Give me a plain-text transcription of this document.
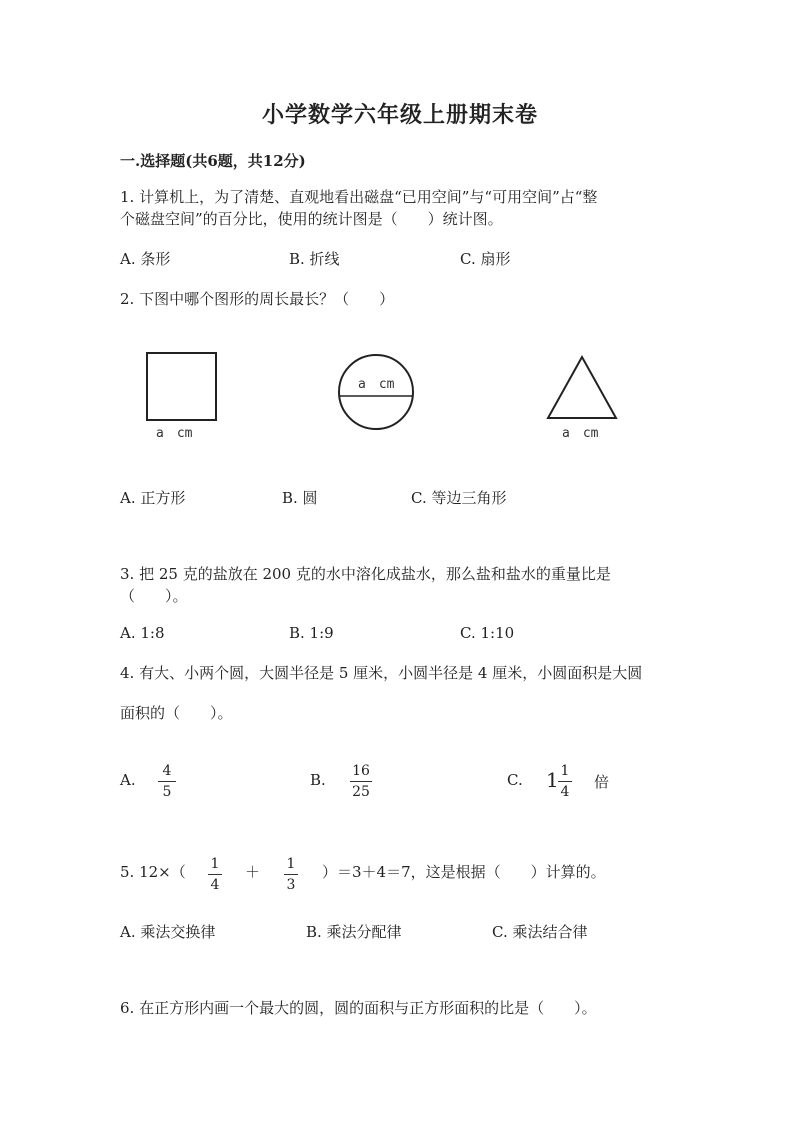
小学数学六年级上册期末卷
一.选择题(共6题，共12分)
1. 计算机上，为了清楚、直观地看出磁盘“已用空间”与“可用空间”占“整
个磁盘空间”的百分比，使用的统计图是（　　）统计图。
A. 条形	B. 折线	C. 扇形
2. 下图中哪个图形的周长最长？（　　）
a　cm
a　cm
a　cm
A. 正方形	B. 圆	C. 等边三角形
3. 把 25 克的盐放在 200 克的水中溶化成盐水，那么盐和盐水的重量比是
（　　）。
A. 1:8	B. 1:9	C. 1:10
4. 有大、小两个圆，大圆半径是 5 厘米，小圆半径是 4 厘米，小圆面积是大圆
面积的（　　）。
A.	4
5
B. 16
25
C. 1 1
4
倍
5. 12×（ 1
4
＋ 1
3
）＝3＋4＝7，这是根据（　　）计算的。
A. 乘法交换律	B. 乘法分配律	C. 乘法结合律
6. 在正方形内画一个最大的圆，圆的面积与正方形面积的比是（　　）。
